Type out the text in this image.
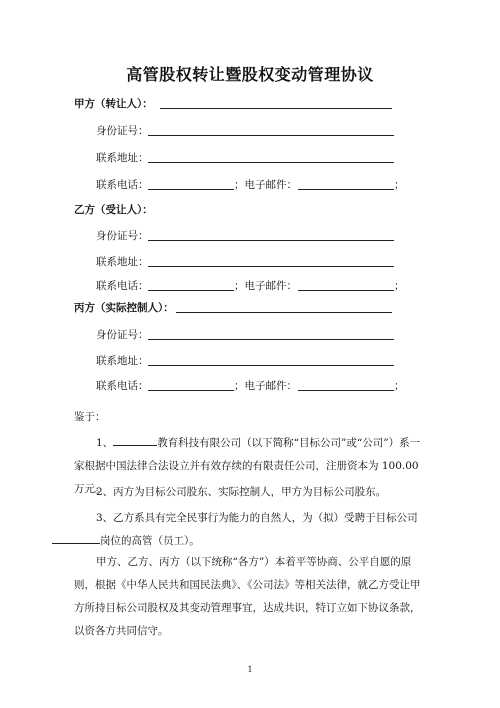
高管股权转让暨股权变动管理协议
甲方（转让人）：
身份证号：
联系地址：
联系电话：	；电子邮件：	；
乙方（受让人）：
身份证号：
联系地址：
联系电话：	；电子邮件：	；
丙方（实际控制人）：
身份证号：
联系地址：
联系电话：	；电子邮件：	；
鉴于：
1、	教育科技有限公司（以下简称“目标公司”或“公司”）系一家根据中国法律合法设立并有效存续的有限责任公司，注册资本为 100.00 万元。
2、丙方为目标公司股东、实际控制人，甲方为目标公司股东。
3、乙方系具有完全民事行为能力的自然人，为（拟）受聘于目标公司
岗位的高管（员工）。
甲方、乙方、丙方（以下统称“各方”）本着平等协商、公平自愿的原则，根据《中华人民共和国民法典》、《公司法》等相关法律，就乙方受让甲方所持目标公司股权及其变动管理事宜，达成共识，特订立如下协议条款，以资各方共同信守。
1
